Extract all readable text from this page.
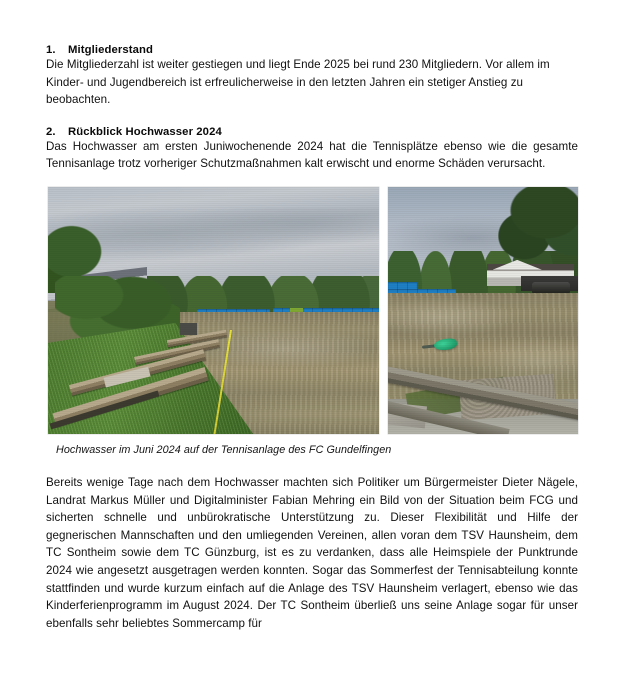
1. Mitgliederstand

Die Mitgliederzahl ist weiter gestiegen und liegt Ende 2025 bei rund 230 Mitgliedern. Vor allem im Kinder- und Jugendbereich ist erfreulicherweise in den letzten Jahren ein stetiger Anstieg zu beobachten.

2. Rückblick Hochwasser 2024

Das Hochwasser am ersten Juniwochenende 2024 hat die Tennisplätze ebenso wie die gesamte Tennisanlage trotz vorheriger Schutzmaßnahmen kalt erwischt und enorme Schäden verursacht.

Hochwasser im Juni 2024 auf der Tennisanlage des FC Gundelfingen

Bereits wenige Tage nach dem Hochwasser machten sich Politiker um Bürgermeister Dieter Nägele, Landrat Markus Müller und Digitalminister Fabian Mehring ein Bild von der Situation beim FCG und sicherten schnelle und unbürokratische Unterstützung zu. Dieser Flexibilität und Hilfe der gegnerischen Mannschaften und den umliegenden Vereinen, allen voran dem TSV Haunsheim, dem TC Sontheim sowie dem TC Günzburg, ist es zu verdanken, dass alle Heimspiele der Punktrunde 2024 wie angesetzt ausgetragen werden konnten. Sogar das Sommerfest der Tennisabteilung konnte stattfinden und wurde kurzum einfach auf die Anlage des TSV Haunsheim verlagert, ebenso wie das Kinderferienprogramm im August 2024. Der TC Sontheim überließ uns seine Anlage sogar für unser ebenfalls sehr beliebtes Sommercamp für
